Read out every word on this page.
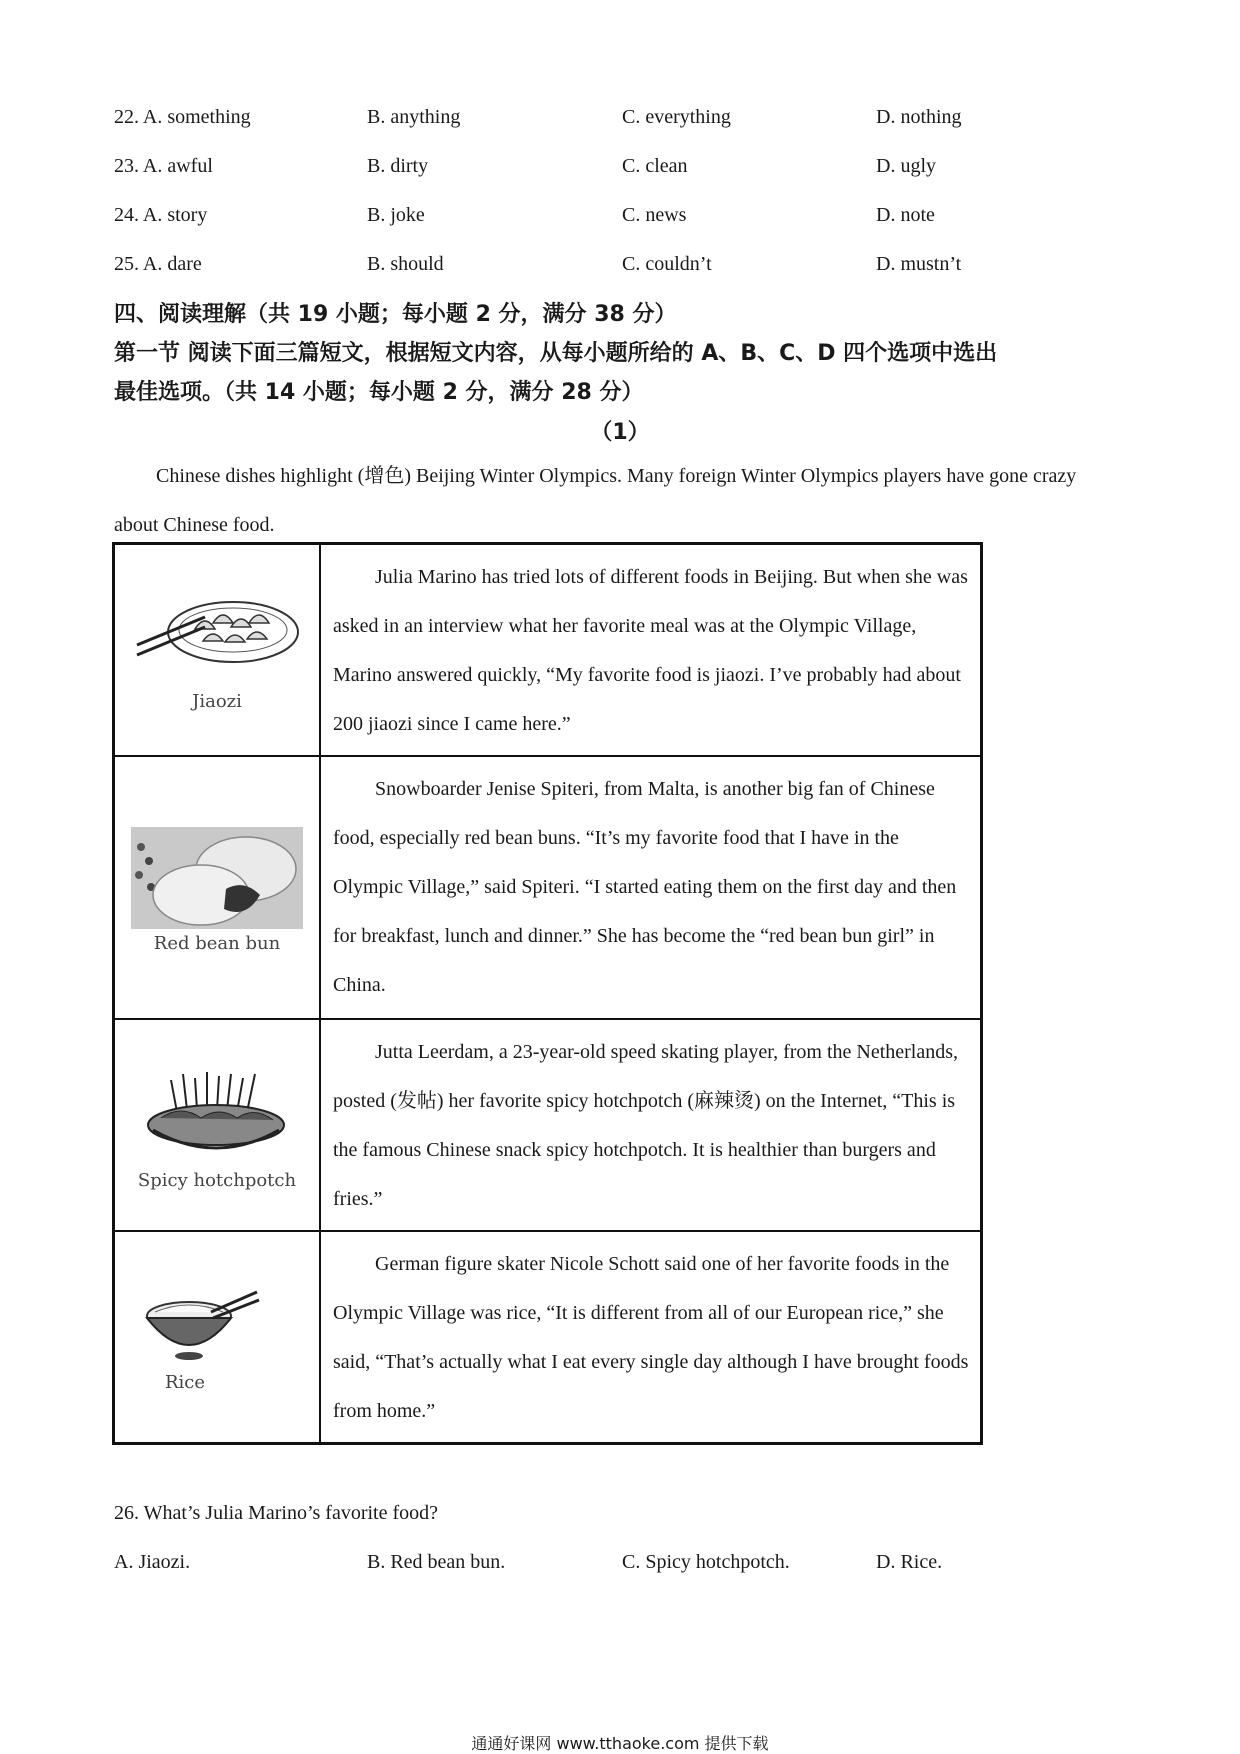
22. A. something	B. anything	C. everything	D. nothing
23. A. awful	B. dirty	C. clean	D. ugly
24. A. story	B. joke	C. news	D. note
25. A. dare	B. should	C. couldn’t	D. mustn’t
四、阅读理解（共 19 小题；每小题 2 分，满分 38 分）
第一节 阅读下面三篇短文，根据短文内容，从每小题所给的 A、B、C、D 四个选项中选出
最佳选项。（共 14 小题；每小题 2 分，满分 28 分）
（1）
Chinese dishes highlight (增色) Beijing Winter Olympics. Many foreign Winter Olympics players have gone crazy about Chinese food.
Jiaozi	Julia Marino has tried lots of different foods in Beijing. But when she was asked in an interview what her favorite meal was at the Olympic Village, Marino answered quickly, “My favorite food is jiaozi. I’ve probably had about 200 jiaozi since I came here.”

Red bean bun	Snowboarder Jenise Spiteri, from Malta, is another big fan of Chinese food, especially red bean buns. “It’s my favorite food that I have in the Olympic Village,” said Spiteri. “I started eating them on the first day and then for breakfast, lunch and dinner.” She has become the “red bean bun girl” in China.

Spicy hotchpotch	Jutta Leerdam, a 23-year-old speed skating player, from the Netherlands, posted (发帖) her favorite spicy hotchpotch (麻辣烫) on the Internet, “This is the famous Chinese snack spicy hotchpotch. It is healthier than burgers and fries.”

Rice	German figure skater Nicole Schott said one of her favorite foods in the Olympic Village was rice, “It is different from all of our European rice,” she said, “That’s actually what I eat every single day although I have brought foods from home.”

26. What’s Julia Marino’s favorite food?
A. Jiaozi.	B. Red bean bun.	C. Spicy hotchpotch.	D. Rice.
通通好课网 www.tthaoke.com 提供下载
